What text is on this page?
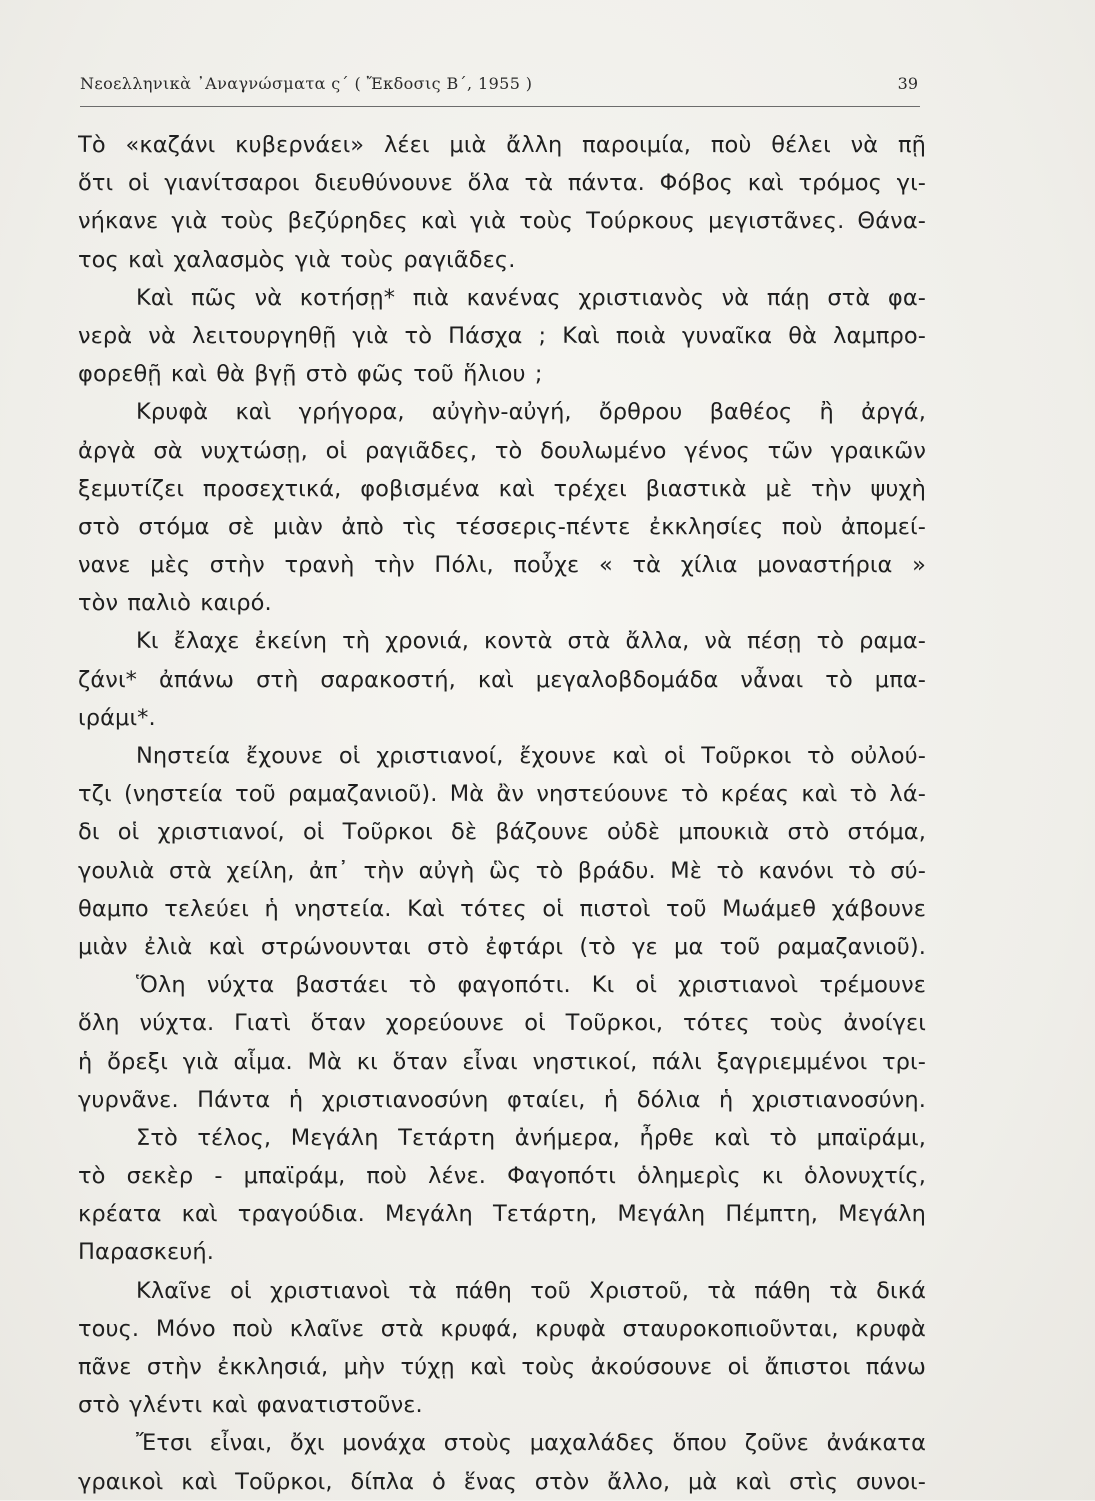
Νεοελληνικὰ ᾿Αναγνώσματα ς΄ ( Ἔκδοσις Β΄, 1955 )	39
Τὸ «καζάνι κυβερνάει» λέει μιὰ ἄλλη παροιμία, ποὺ θέλει νὰ πῇ
ὅτι οἱ γιανίτσαροι διευθύνουνε ὅλα τὰ πάντα. Φόβος καὶ τρόμος γι-
νήκανε γιὰ τοὺς βεζύρηδες καὶ γιὰ τοὺς Τούρκους μεγιστᾶνες. Θάνα-
τος καὶ χαλασμὸς γιὰ τοὺς ραγιᾶδες.
Καὶ πῶς νὰ κοτήσῃ* πιὰ κανένας χριστιανὸς νὰ πάῃ στὰ φα-
νερὰ νὰ λειτουργηθῇ γιὰ τὸ Πάσχα ; Καὶ ποιὰ γυναῖκα θὰ λαμπρο-
φορεθῇ καὶ θὰ βγῇ στὸ φῶς τοῦ ἥλιου ;
Κρυφὰ καὶ γρήγορα, αὐγὴν-αὐγή, ὄρθρου βαθέος ἢ ἀργά,
ἀργὰ σὰ νυχτώσῃ, οἱ ραγιᾶδες, τὸ δουλωμένο γένος τῶν γραικῶν
ξεμυτίζει προσεχτικά, φοβισμένα καὶ τρέχει βιαστικὰ μὲ τὴν ψυχὴ
στὸ στόμα σὲ μιὰν ἀπὸ τὶς τέσσερις-πέντε ἐκκλησίες ποὺ ἀπομεί-
νανε μὲς στὴν τρανὴ τὴν Πόλι, ποὖχε « τὰ χίλια μοναστήρια »
τὸν παλιὸ καιρό.
Κι ἔλαχε ἐκείνη τὴ χρονιά, κοντὰ στὰ ἄλλα, νὰ πέσῃ τὸ ραμα-
ζάνι* ἀπάνω στὴ σαρακοστή, καὶ μεγαλοβδομάδα νἆναι τὸ μπα-
ιράμι*.
Νηστεία ἔχουνε οἱ χριστιανοί, ἔχουνε καὶ οἱ Τοῦρκοι τὸ οὐλού-
τζι (νηστεία τοῦ ραμαζανιοῦ). Μὰ ἂν νηστεύουνε τὸ κρέας καὶ τὸ λά-
δι οἱ χριστιανοί, οἱ Τοῦρκοι δὲ βάζουνε οὐδὲ μπουκιὰ στὸ στόμα,
γουλιὰ στὰ χείλη, ἀπ᾿ τὴν αὐγὴ ὣς τὸ βράδυ. Μὲ τὸ κανόνι τὸ σύ-
θαμπο τελεύει ἡ νηστεία. Καὶ τότες οἱ πιστοὶ τοῦ Μωάμεθ χάβουνε
μιὰν ἐλιὰ καὶ στρώνουνται στὸ ἐφτάρι (τὸ γε μα τοῦ ραμαζανιοῦ).
Ὅλη νύχτα βαστάει τὸ φαγοπότι. Κι οἱ χριστιανοὶ τρέμουνε
ὅλη νύχτα. Γιατὶ ὅταν χορεύουνε οἱ Τοῦρκοι, τότες τοὺς ἀνοίγει
ἡ ὄρεξι γιὰ αἷμα. Μὰ κι ὅταν εἶναι νηστικοί, πάλι ξαγριεμμένοι τρι-
γυρνᾶνε. Πάντα ἡ χριστιανοσύνη φταίει, ἡ δόλια ἡ χριστιανοσύνη.
Στὸ τέλος, Μεγάλη Τετάρτη ἀνήμερα, ἦρθε καὶ τὸ μπαϊράμι,
τὸ σεκὲρ - μπαϊράμ, ποὺ λένε. Φαγοπότι ὁλημερὶς κι ὁλονυχτίς,
κρέατα καὶ τραγούδια. Μεγάλη Τετάρτη, Μεγάλη Πέμπτη, Μεγάλη
Παρασκευή.
Κλαῖνε οἱ χριστιανοὶ τὰ πάθη τοῦ Χριστοῦ, τὰ πάθη τὰ δικά
τους. Μόνο ποὺ κλαῖνε στὰ κρυφά, κρυφὰ σταυροκοπιοῦνται, κρυφὰ
πᾶνε στὴν ἐκκλησιά, μὴν τύχῃ καὶ τοὺς ἀκούσουνε οἱ ἄπιστοι πάνω
στὸ γλέντι καὶ φανατιστοῦνε.
Ἔτσι εἶναι, ὄχι μονάχα στοὺς μαχαλάδες ὅπου ζοῦνε ἀνάκατα
γραικοὶ καὶ Τοῦρκοι, δίπλα ὁ ἕνας στὸν ἄλλο, μὰ καὶ στὶς συνοι-
